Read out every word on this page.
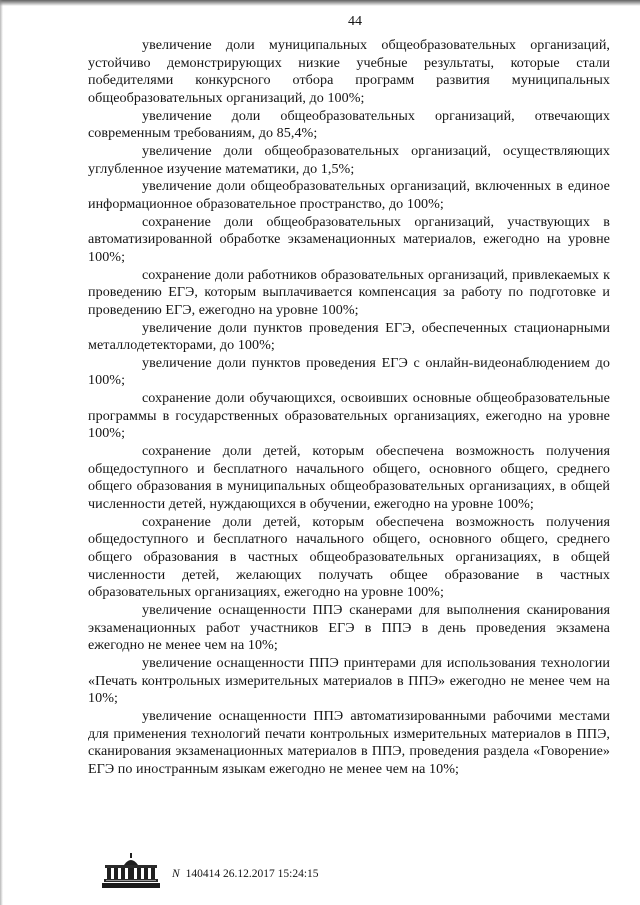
44

увеличение доли муниципальных общеобразовательных организаций, устойчиво демонстрирующих низкие учебные результаты, которые стали победителями конкурсного отбора программ развития муниципальных общеобразовательных организаций, до 100%;

увеличение доли общеобразовательных организаций, отвечающих современным требованиям, до 85,4%;

увеличение доли общеобразовательных организаций, осуществляющих углубленное изучение математики, до 1,5%;

увеличение доли общеобразовательных организаций, включенных в единое информационное образовательное пространство, до 100%;

сохранение доли общеобразовательных организаций, участвующих в автоматизированной обработке экзаменационных материалов, ежегодно на уровне 100%;

сохранение доли работников образовательных организаций, привлекаемых к проведению ЕГЭ, которым выплачивается компенсация за работу по подготовке и проведению ЕГЭ, ежегодно на уровне 100%;

увеличение доли пунктов проведения ЕГЭ, обеспеченных стационарными металлодетекторами, до 100%;

увеличение доли пунктов проведения ЕГЭ с онлайн-видеонаблюдением до 100%;

сохранение доли обучающихся, освоивших основные общеобразовательные программы в государственных образовательных организациях, ежегодно на уровне 100%;

сохранение доли детей, которым обеспечена возможность получения общедоступного и бесплатного начального общего, основного общего, среднего общего образования в муниципальных общеобразовательных организациях, в общей численности детей, нуждающихся в обучении, ежегодно на уровне 100%;

сохранение доли детей, которым обеспечена возможность получения общедоступного и бесплатного начального общего, основного общего, среднего общего образования в частных общеобразовательных организациях, в общей численности детей, желающих получать общее образование в частных образовательных организациях, ежегодно на уровне 100%;

увеличение оснащенности ППЭ сканерами для выполнения сканирования экзаменационных работ участников ЕГЭ в ППЭ в день проведения экзамена ежегодно не менее чем на 10%;

увеличение оснащенности ППЭ принтерами для использования технологии «Печать контрольных измерительных материалов в ППЭ» ежегодно не менее чем на 10%;

увеличение оснащенности ППЭ автоматизированными рабочими местами для применения технологий печати контрольных измерительных материалов в ППЭ, сканирования экзаменационных материалов в ППЭ, проведения раздела «Говорение» ЕГЭ по иностранным языкам ежегодно не менее чем на 10%;

N 140414 26.12.2017 15:24:15
